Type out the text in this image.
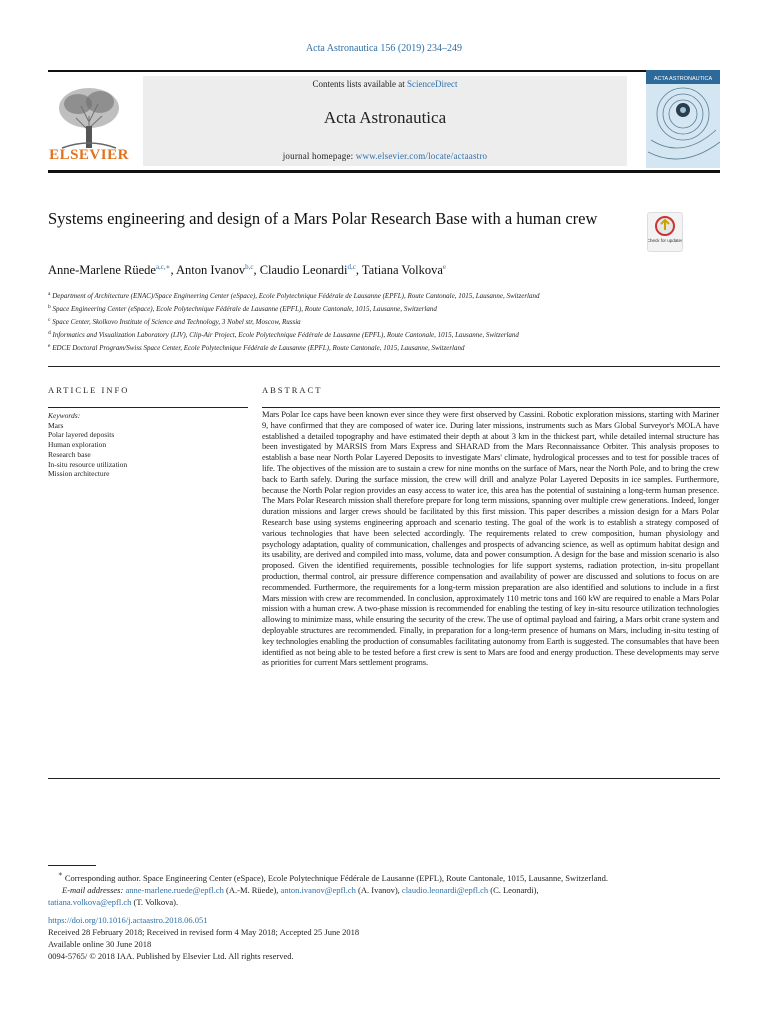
Acta Astronautica 156 (2019) 234–249
ELSEVIER
Contents lists available at ScienceDirect
Acta Astronautica
journal homepage: www.elsevier.com/locate/actaastro
ACTA ASTRONAUTICA
Systems engineering and design of a Mars Polar Research Base with a human crew
Check for updates
Anne-Marlene Rüede$^{a,c,∗}$, Anton Ivanov$^{b,c}$, Claudio Leonardi$^{d,c}$, Tatiana Volkova$^e$
$^a$ Department of Architecture (ENAC)/Space Engineering Center (eSpace), Ecole Polytechnique Fédérale de Lausanne (EPFL), Route Cantonale, 1015, Lausanne, Switzerland
$^b$ Space Engineering Center (eSpace), Ecole Polytechnique Fédérale de Lausanne (EPFL), Route Cantonale, 1015, Lausanne, Switzerland
$^c$ Space Center, Skolkovo Institute of Science and Technology, 3 Nobel str, Moscow, Russia
$^d$ Informatics and Visualization Laboratory (LIV), Clip-Air Project, Ecole Polytechnique Fédérale de Lausanne (EPFL), Route Cantonale, 1015, Lausanne, Switzerland
$^e$ EDCE Doctoral Program/Swiss Space Center, Ecole Polytechnique Fédérale de Lausanne (EPFL), Route Cantonale, 1015, Lausanne, Switzerland
ARTICLE INFO	ABSTRACT
Keywords:
Mars
Polar layered deposits
Human exploration
Research base
In-situ resource utilization
Mission architecture
Mars Polar Ice caps have been known ever since they were first observed by Cassini. Robotic exploration missions, starting with Mariner 9, have confirmed that they are composed of water ice. During later missions, instruments such as Mars Global Surveyor's MOLA have established a detailed topography and have estimated their depth at about 3 km in the thickest part, while detailed internal structure has been investigated by MARSIS from Mars Express and SHARAD from the Mars Reconnaissance Orbiter. This analysis proposes to establish a base near North Polar Layered Deposits to investigate Mars' climate, hydrological processes and to test for possible traces of life. The objectives of the mission are to sustain a crew for nine months on the surface of Mars, near the North Pole, and to bring the crew back to Earth safely. During the surface mission, the crew will drill and analyze Polar Layered Deposits in ice samples. Furthermore, because the North Polar region provides an easy access to water ice, this area has the potential of sustaining a long-term human presence. The Mars Polar Research mission shall therefore prepare for long term missions, spanning over multiple crew generations. Indeed, longer duration missions and larger crews should be facilitated by this first mission. This paper describes a mission design for a Mars Polar Research base using systems engineering approach and scenario testing. The goal of the work is to establish a strategy composed of various technologies that have been selected accordingly. The requirements related to crew composition, human physiology and psychology adaptation, quality of communication, challenges and prospects of advancing science, as well as optimum habitat design and its usability, are derived and compiled into mass, volume, data and power consumption. A design for the base and mission scenario is also proposed. Given the identified requirements, possible technologies for life support systems, radiation protection, in-situ propellant production, thermal control, air pressure difference compensation and availability of power are discussed and solutions to focus on are recommended. Furthermore, the requirements for a long-term mission preparation are also identified and solutions to include in a first Mars mission with crew are recommended. In conclusion, approximately 110 metric tons and 160 kW are required to enable a Mars Polar mission with a human crew. A two-phase mission is recommended for enabling the testing of key in-situ resource utilization technologies allowing to minimize mass, while ensuring the security of the crew. The use of optimal payload and fairing, a Mars orbit crane system and deployable structures are recommended. Finally, in preparation for a long-term presence of humans on Mars, including in-situ testing of key technologies enabling the production of consumables facilitating autonomy from Earth is suggested. The consumables that have been identified as not being able to be tested before a first crew is sent to Mars are food and energy production. These developments may serve as priorities for current Mars settlement programs.
∗ Corresponding author. Space Engineering Center (eSpace), Ecole Polytechnique Fédérale de Lausanne (EPFL), Route Cantonale, 1015, Lausanne, Switzerland.
E-mail addresses: anne-marlene.ruede@epfl.ch (A.-M. Rüede), anton.ivanov@epfl.ch (A. Ivanov), claudio.leonardi@epfl.ch (C. Leonardi),
tatiana.volkova@epfl.ch (T. Volkova).
https://doi.org/10.1016/j.actaastro.2018.06.051
Received 28 February 2018; Received in revised form 4 May 2018; Accepted 25 June 2018
Available online 30 June 2018
0094-5765/ © 2018 IAA. Published by Elsevier Ltd. All rights reserved.
